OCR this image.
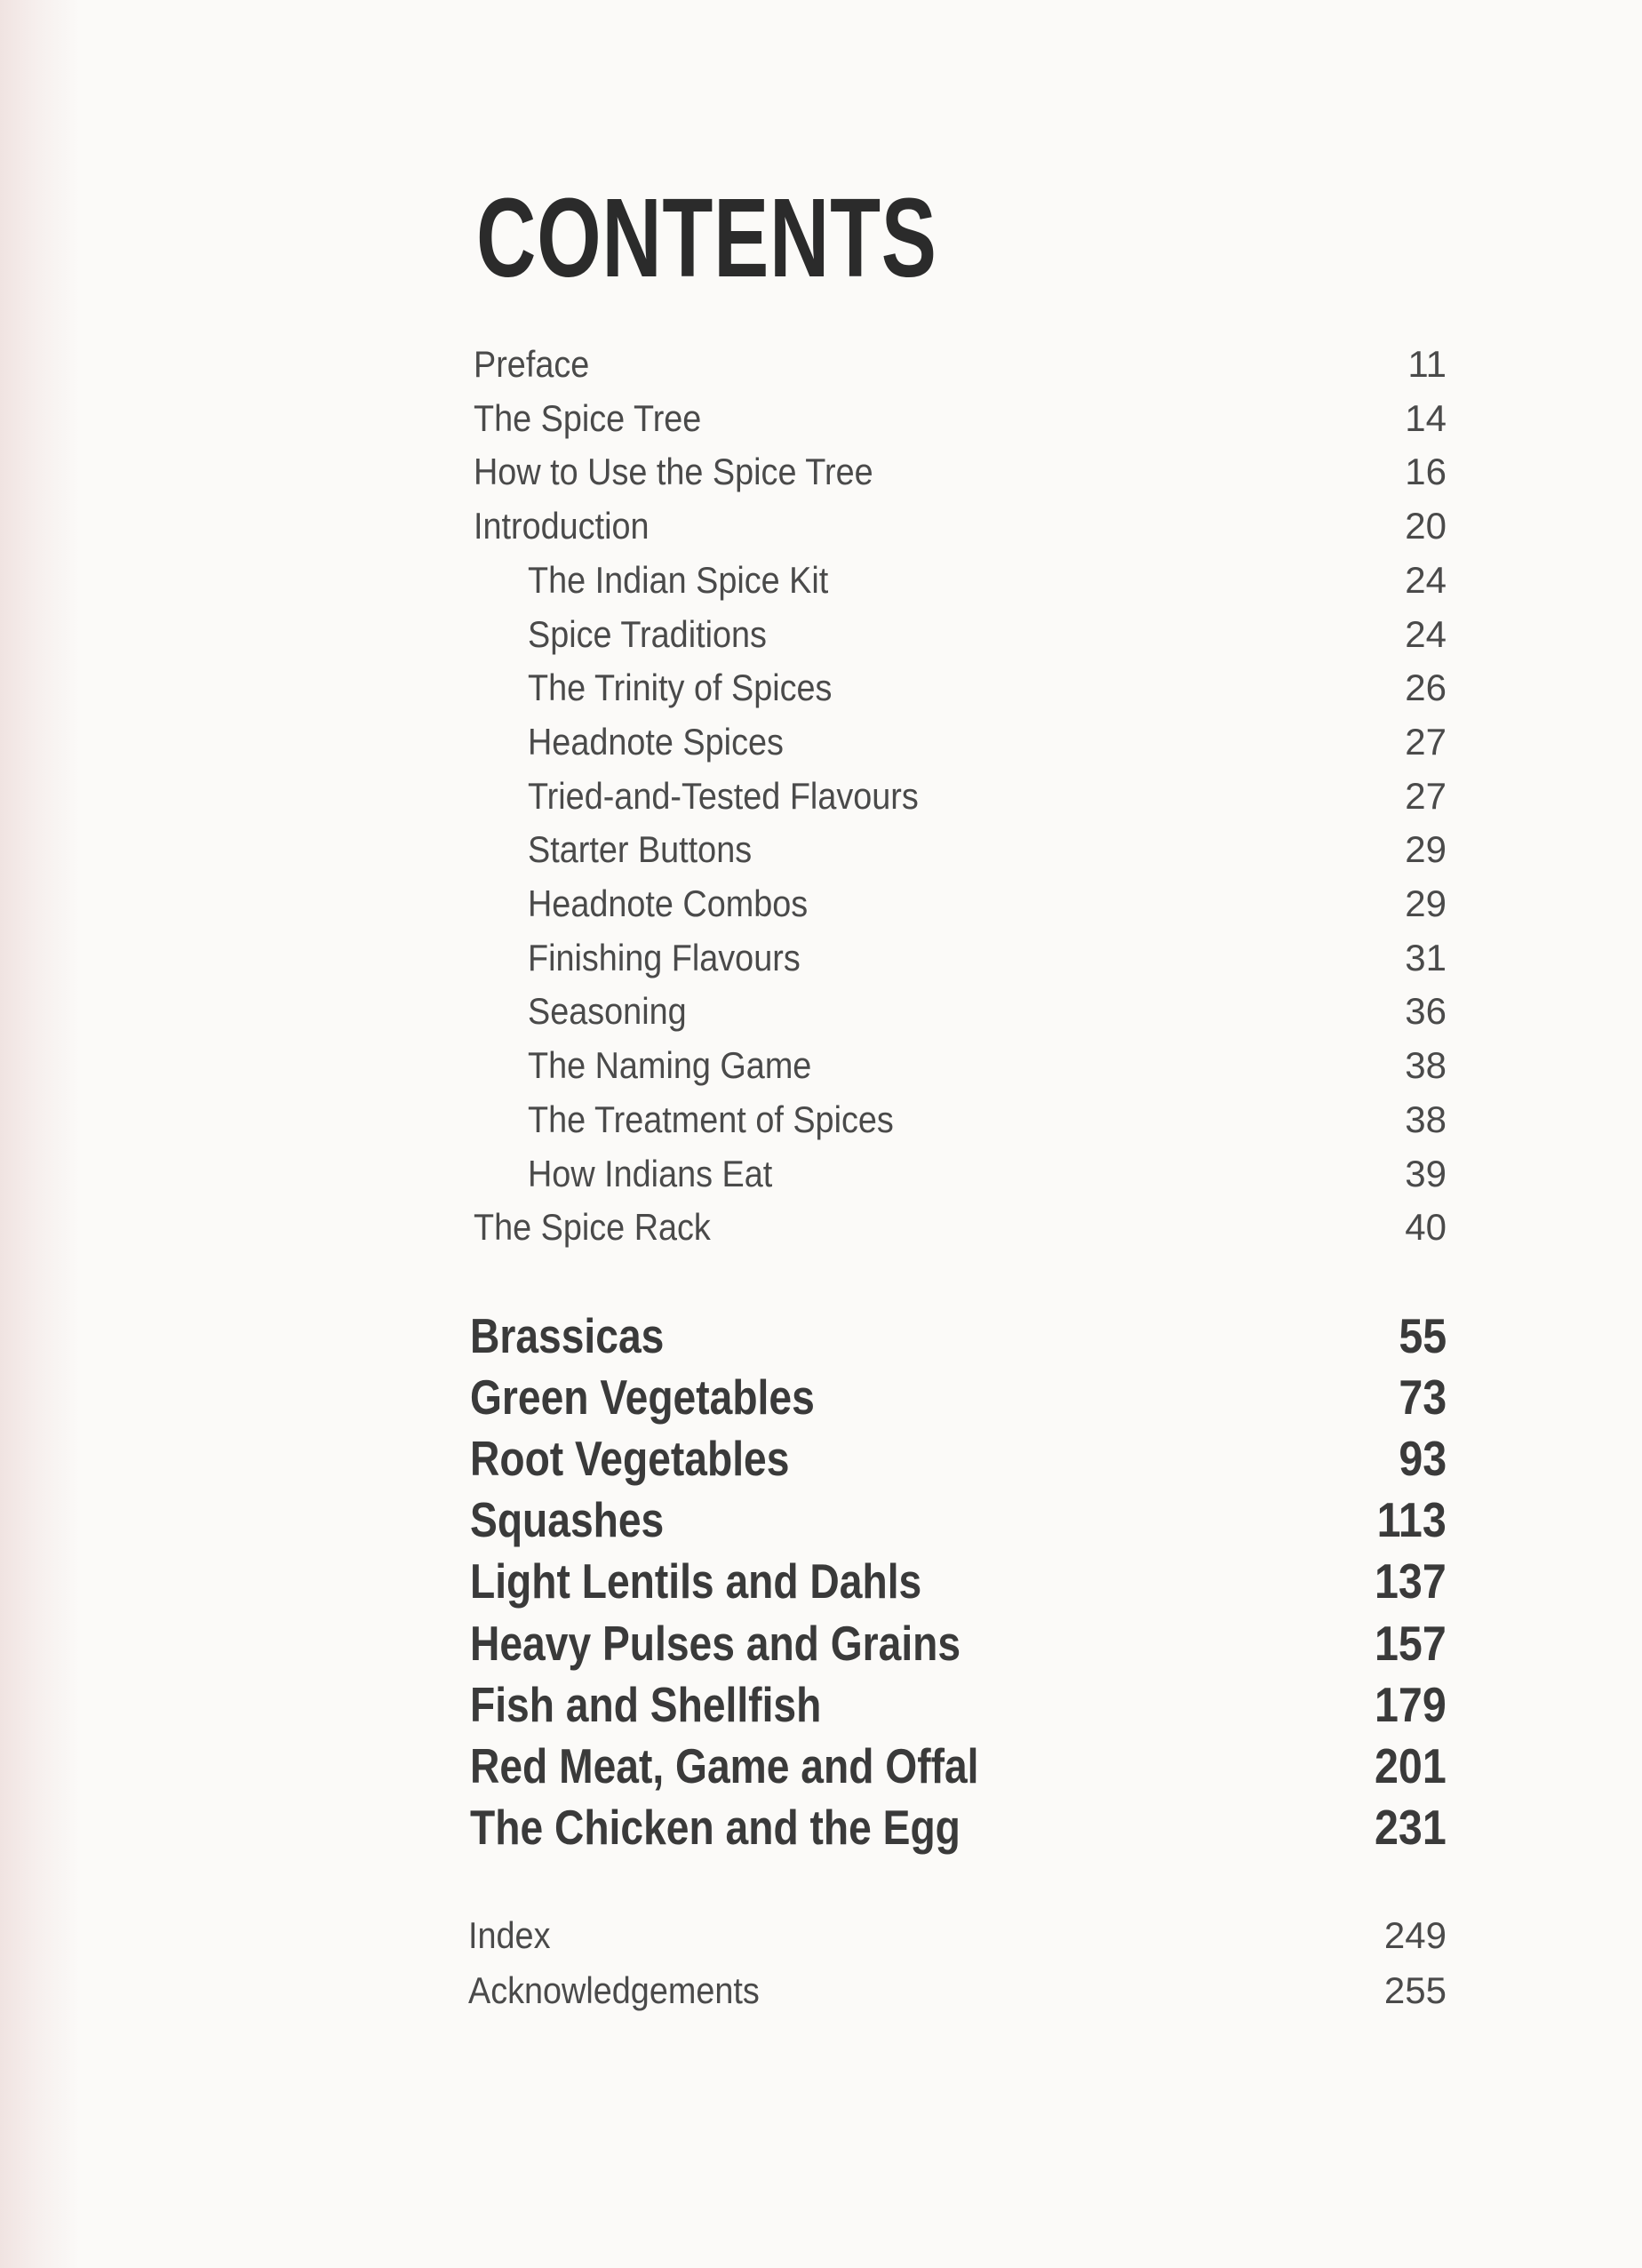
CONTENTS
Preface	11
The Spice Tree	14
How to Use the Spice Tree	16
Introduction	20
The Indian Spice Kit	24
Spice Traditions	24
The Trinity of Spices	26
Headnote Spices	27
Tried-and-Tested Flavours	27
Starter Buttons	29
Headnote Combos	29
Finishing Flavours	31
Seasoning	36
The Naming Game	38
The Treatment of Spices	38
How Indians Eat	39
The Spice Rack	40
Brassicas	55
Green Vegetables	73
Root Vegetables	93
Squashes	113
Light Lentils and Dahls	137
Heavy Pulses and Grains	157
Fish and Shellfish	179
Red Meat, Game and Offal	201
The Chicken and the Egg	231
Index	249
Acknowledgements	255
